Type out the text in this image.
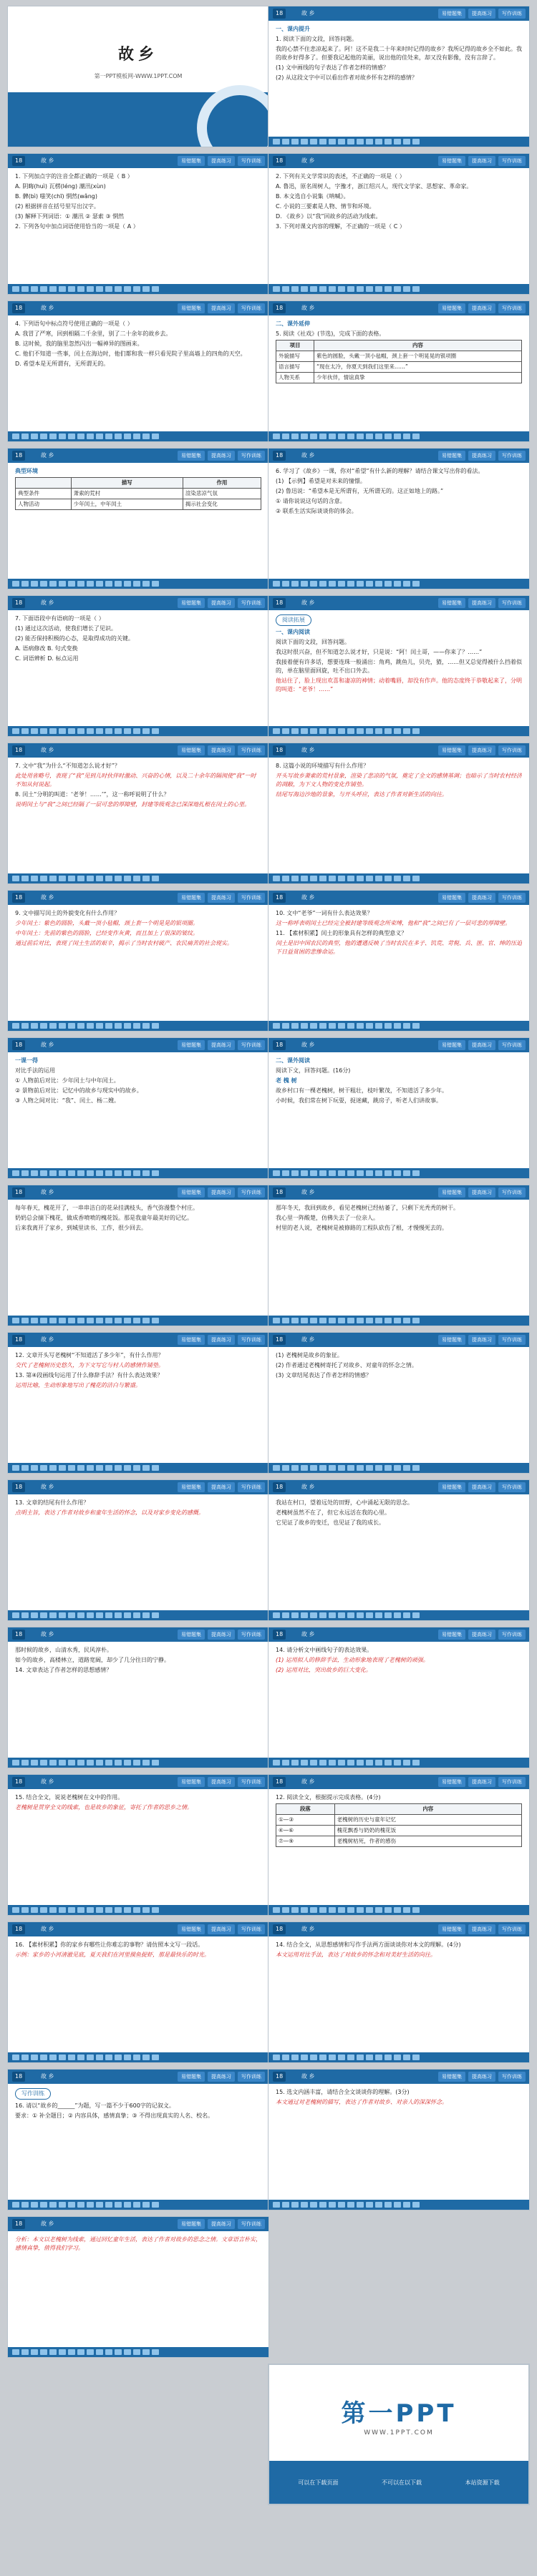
故乡
第一PPT模板网-WWW.1PPT.COM
18	故 乡	易错题集	提高练习	写作训练

一、课内提升

1. 阅读下面的文段，回答问题。

我的心禁不住悲凉起来了。阿！这不是我二十年来时时记得的故乡？我所记得的故乡全不如此。我的故乡好得多了。但要我记起他的美丽，说出他的佳处来，却又没有影像，没有言辞了。

(1) 文中画线的句子表达了作者怎样的情感？

(2) 从这段文字中可以看出作者对故乡怀有怎样的感情？

18	故 乡	易错题集	提高练习	写作训练

1. 下列加点字的注音全都正确的一项是（ B ）

A. 阴晦(huì) 瓦楞(léng) 潮汛(xùn)

B. 髀(bì) 嗤笑(chī) 惘然(wǎng)

(2) 根据拼音在括号里写出汉字。

(3) 解释下列词语：① 潮汛 ② 瑟索 ③ 惘然

2. 下列各句中加点词语使用恰当的一项是（ A ）

18	故 乡	易错题集	提高练习	写作训练

2. 下列有关文学常识的表述，不正确的一项是（ ）

A. 鲁迅，原名周树人，字豫才，浙江绍兴人，现代文学家、思想家、革命家。

B. 本文选自小说集《呐喊》。

C. 小说的三要素是人物、情节和环境。

D. 《故乡》以“我”回故乡的活动为线索。

3. 下列对课文内容的理解，不正确的一项是（ C ）

18	故 乡	易错题集	提高练习	写作训练

4. 下列语句中标点符号使用正确的一项是（ ）

A. 我冒了严寒，回到相隔二千余里，别了二十余年的故乡去。

B. 这时候，我的脑里忽然闪出一幅神异的图画来。

C. 他们不知道一些事，闰土在海边时，他们都和我一样只看见院子里高墙上的四角的天空。

D. 希望本是无所谓有，无所谓无的。

18	故 乡	易错题集	提高练习	写作训练

二、课外延伸

5. 阅读《社戏》(节选)，完成下面的表格。

项目	内容
外貌描写	紫色的圆脸，头戴一顶小毡帽，颈上套一个明晃晃的银项圈
语言描写	“现在太冷，你夏天到我们这里来……”
人物关系	少年伙伴，情谊真挚
18	故 乡	易错题集	提高练习	写作训练

典型环境

	描写	作用
典型条件	萧索的荒村	渲染悲凉气氛
人物活动	少年闰土，中年闰土	揭示社会变化
18	故 乡	易错题集	提高练习	写作训练

6. 学习了《故乡》一课，你对“希望”有什么新的理解？请结合课文写出你的看法。

(1) 【示例】希望是对未来的憧憬。

(2) 鲁迅说：“希望本是无所谓有，无所谓无的。这正如地上的路。”

① 请你说说这句话的含意。

② 联系生活实际谈谈你的体会。

18	故 乡	易错题集	提高练习	写作训练

7. 下面语段中有语病的一项是（ ）

(1) 通过这次活动，使我们增长了见识。

(2) 能否保持积极的心态，是取得成功的关键。

A. 语病修改 B. 句式变换

C. 词语辨析 D. 标点运用

18	故 乡	易错题集	提高练习	写作训练
阅读拓展

一、课内阅读

阅读下面的文段，回答问题。

我这时很兴奋，但不知道怎么说才好，只是说：“阿！闰土哥，——你来了？……”

我接着便有许多话，想要连珠一般涌出：角鸡，跳鱼儿，贝壳，猹，……但又总觉得被什么挡着似的，单在脑里面回旋，吐不出口外去。

他站住了，脸上现出欢喜和凄凉的神情；动着嘴唇，却没有作声。他的态度终于恭敬起来了，分明的叫道：“老爷！……”

18	故 乡	易错题集	提高练习	写作训练

7. 文中“我”为什么“不知道怎么说才好”？

此处用省略号，表现了“我”见到儿时伙伴时激动、兴奋的心情，以及二十余年的隔阂使“我”一时不知从何说起。

8. 闰土“分明的叫道：‘老爷！……’”，这一称呼说明了什么？

说明闰土与“我”之间已经隔了一层可悲的厚障壁，封建等级观念已深深地扎根在闰土的心里。

18	故 乡	易错题集	提高练习	写作训练

8. 这篇小说的环境描写有什么作用？

开头写故乡萧索的荒村景象，渲染了悲凉的气氛，奠定了全文的感情基调；也暗示了当时农村经济的凋敝，为下文人物的变化作铺垫。

结尾写海边沙地的景象，与开头呼应，表达了作者对新生活的向往。

18	故 乡	易错题集	提高练习	写作训练

9. 文中描写闰土的外貌变化有什么作用？

少年闰土：紫色的圆脸，头戴一顶小毡帽，颈上套一个明晃晃的银项圈。

中年闰土：先前的紫色的圆脸，已经变作灰黄，而且加上了很深的皱纹。

通过前后对比，表现了闰土生活的艰辛，揭示了当时农村破产、农民痛苦的社会现实。

18	故 乡	易错题集	提高练习	写作训练

10. 文中“老爷”一词有什么表达效果？

这一称呼表明闰土已经完全被封建等级观念所束缚，他和“我”之间已有了一层可悲的厚障壁。

11. 【素材积累】闰土的形象具有怎样的典型意义？

闰土是旧中国农民的典型，他的遭遇反映了当时农民在多子、饥荒、苛税、兵、匪、官、绅的压迫下日益贫困的悲惨命运。

18	故 乡	易错题集	提高练习	写作训练

一课一得

对比手法的运用

① 人物前后对比：少年闰土与中年闰土。

② 景物前后对比：记忆中的故乡与现实中的故乡。

③ 人物之间对比：“我”、闰土、杨二嫂。

18	故 乡	易错题集	提高练习	写作训练

二、课外阅读

阅读下文，回答问题。(16分)

老 槐 树

故乡村口有一棵老槐树，树干粗壮，枝叶繁茂，不知道活了多少年。

小时候，我们常在树下玩耍，捉迷藏，跳房子，听老人们讲故事。

18	故 乡	易错题集	提高练习	写作训练

每年春天，槐花开了，一串串洁白的花朵挂满枝头，香气弥漫整个村庄。

奶奶总会摘下槐花，做成香喷喷的槐花饭。那是我童年最美好的记忆。

后来我离开了家乡，到城里读书、工作，很少回去。

18	故 乡	易错题集	提高练习	写作训练

那年冬天，我回到故乡，看见老槐树已经枯萎了，只剩下光秃秃的树干。

我心里一阵酸楚，仿佛失去了一位亲人。

村里的老人说，老槐树是被修路的工程队砍伤了根，才慢慢死去的。

18	故 乡	易错题集	提高练习	写作训练

12. 文章开头写老槐树“不知道活了多少年”，有什么作用？

交代了老槐树历史悠久，为下文写它与村人的感情作铺垫。

13. 第④段画线句运用了什么修辞手法？有什么表达效果？

运用比喻，生动形象地写出了槐花的洁白与繁盛。

18	故 乡	易错题集	提高练习	写作训练

(1) 老槐树是故乡的象征。

(2) 作者通过老槐树寄托了对故乡、对童年的怀念之情。

(3) 文章结尾表达了作者怎样的情感？

18	故 乡	易错题集	提高练习	写作训练

13. 文章的结尾有什么作用？

点明主旨，表达了作者对故乡和童年生活的怀念，以及对家乡变化的感慨。

18	故 乡	易错题集	提高练习	写作训练

我站在村口，望着远处的田野，心中涌起无限的思念。

老槐树虽然不在了，但它永远活在我的心里。

它见证了故乡的变迁，也见证了我的成长。

18	故 乡	易错题集	提高练习	写作训练

那时候的故乡，山清水秀，民风淳朴。

如今的故乡，高楼林立，道路宽阔，却少了几分往日的宁静。

14. 文章表达了作者怎样的思想感情？

18	故 乡	易错题集	提高练习	写作训练

14. 请分析文中画线句子的表达效果。

(1) 运用拟人的修辞手法，生动形象地表现了老槐树的顽强。

(2) 运用对比，突出故乡的巨大变化。

18	故 乡	易错题集	提高练习	写作训练

15. 结合全文，说说老槐树在文中的作用。

老槐树是贯穿全文的线索，也是故乡的象征，寄托了作者的思乡之情。

18	故 乡	易错题集	提高练习	写作训练

12. 阅读全文，根据提示完成表格。(4分)

段落	内容
①—③	老槐树的历史与童年记忆
④—⑥	槐花飘香与奶奶的槐花饭
⑦—⑨	老槐树枯死，作者的感伤
18	故 乡	易错题集	提高练习	写作训练

16. 【素材积累】你的家乡有哪些让你难忘的事物？请仿照本文写一段话。

示例：家乡的小河清澈见底，夏天我们在河里摸鱼捉虾，那是最快乐的时光。

18	故 乡	易错题集	提高练习	写作训练

14. 结合全文，从思想感情和写作手法两方面谈谈你对本文的理解。(4分)

本文运用对比手法，表达了对故乡的怀念和对美好生活的向往。

18	故 乡	易错题集	提高练习	写作训练
写作训练

16. 请以“故乡的______”为题，写一篇不少于600字的记叙文。

要求：① 补全题目；② 内容具体，感情真挚；③ 不得出现真实的人名、校名。

18	故 乡	易错题集	提高练习	写作训练

15. 选文内涵丰富，请结合全文谈谈你的理解。(3分)

本文通过对老槐树的描写，表达了作者对故乡、对亲人的深深怀念。

18	故 乡	易错题集	提高练习	写作训练

分析：本文以老槐树为线索，通过回忆童年生活，表达了作者对故乡的思念之情。文章语言朴实，感情真挚，值得我们学习。

第一PPT
WWW.1PPT.COM
可以在下载页面	不可以在以下载	本站资源下载
